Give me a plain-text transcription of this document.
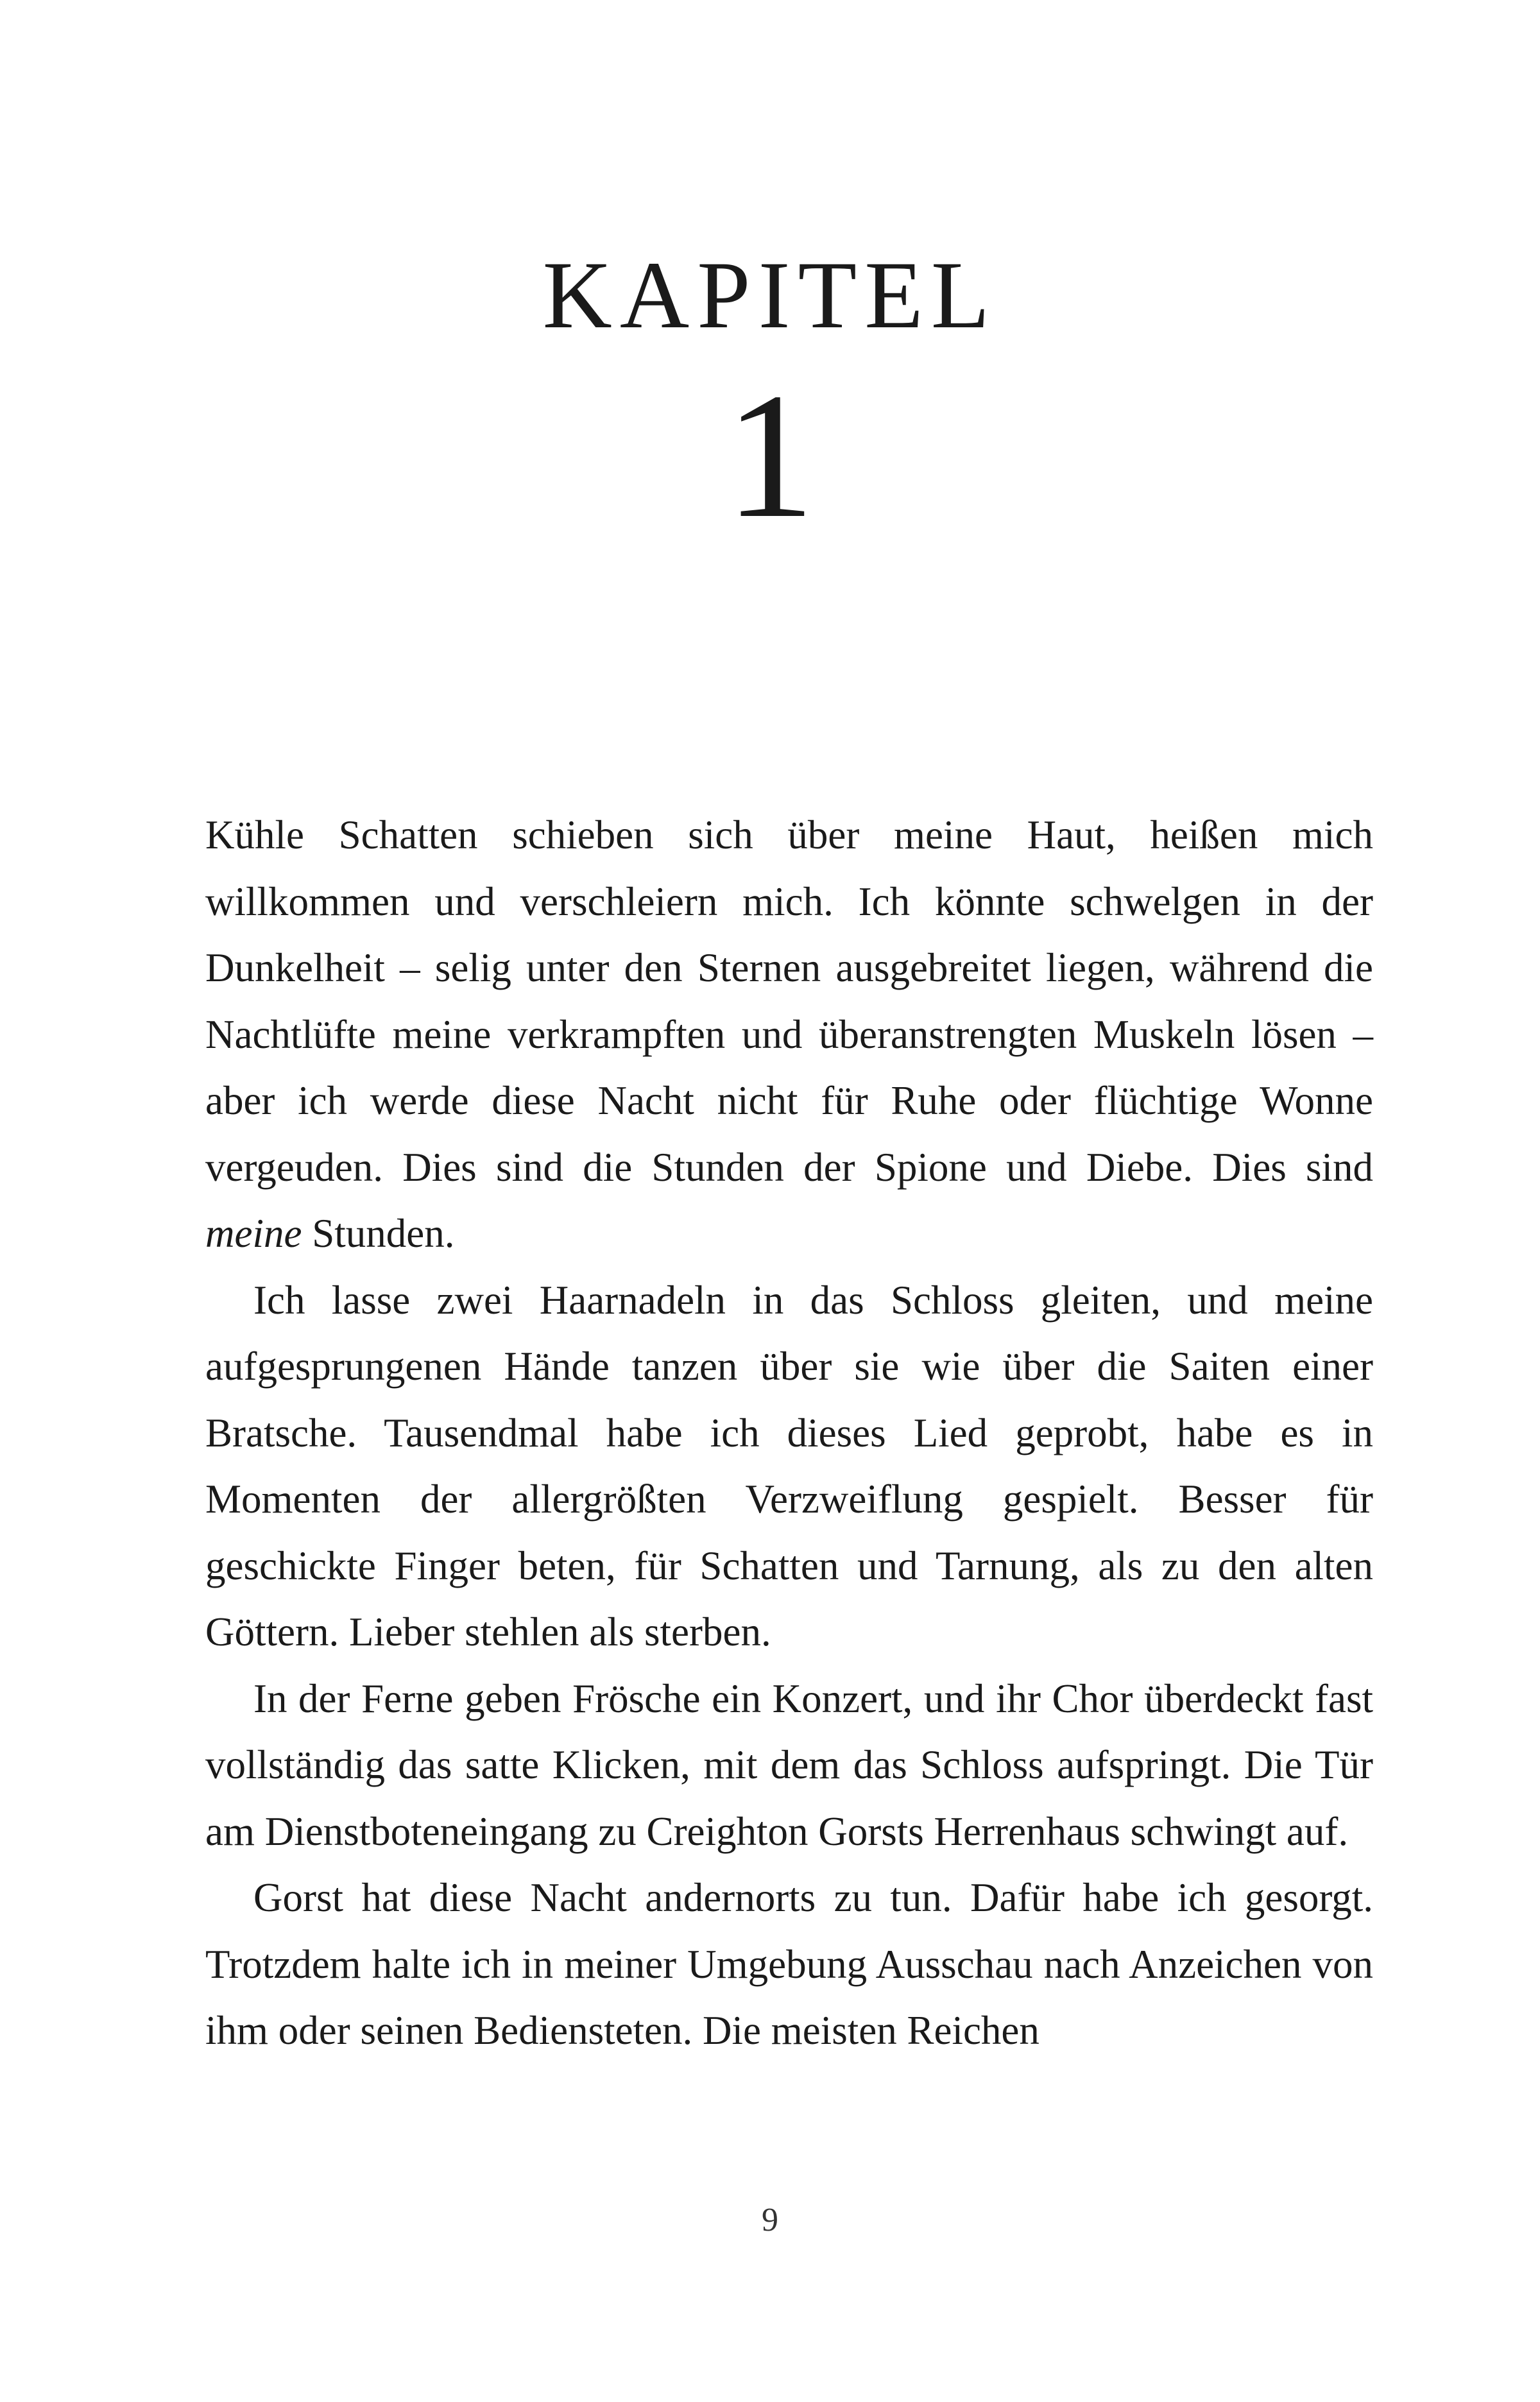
KAPITEL
1

Kühle Schatten schieben sich über meine Haut, heißen mich willkommen und verschleiern mich. Ich könnte schwelgen in der Dunkelheit – selig unter den Sternen ausgebreitet liegen, während die Nachtlüfte meine verkrampften und überanstrengten Muskeln lösen – aber ich werde diese Nacht nicht für Ruhe oder flüchtige Wonne vergeuden. Dies sind die Stunden der Spione und Diebe. Dies sind meine Stunden.

Ich lasse zwei Haarnadeln in das Schloss gleiten, und meine aufgesprungenen Hände tanzen über sie wie über die Saiten einer Bratsche. Tausendmal habe ich dieses Lied geprobt, habe es in Momenten der allergrößten Verzweiflung gespielt. Besser für geschickte Finger beten, für Schatten und Tarnung, als zu den alten Göttern. Lieber stehlen als sterben.

In der Ferne geben Frösche ein Konzert, und ihr Chor überdeckt fast vollständig das satte Klicken, mit dem das Schloss aufspringt. Die Tür am Dienstboteneingang zu Creighton Gorsts Herrenhaus schwingt auf.

Gorst hat diese Nacht andernorts zu tun. Dafür habe ich gesorgt. Trotzdem halte ich in meiner Umgebung Ausschau nach Anzeichen von ihm oder seinen Bediensteten. Die meisten Reichen

9
